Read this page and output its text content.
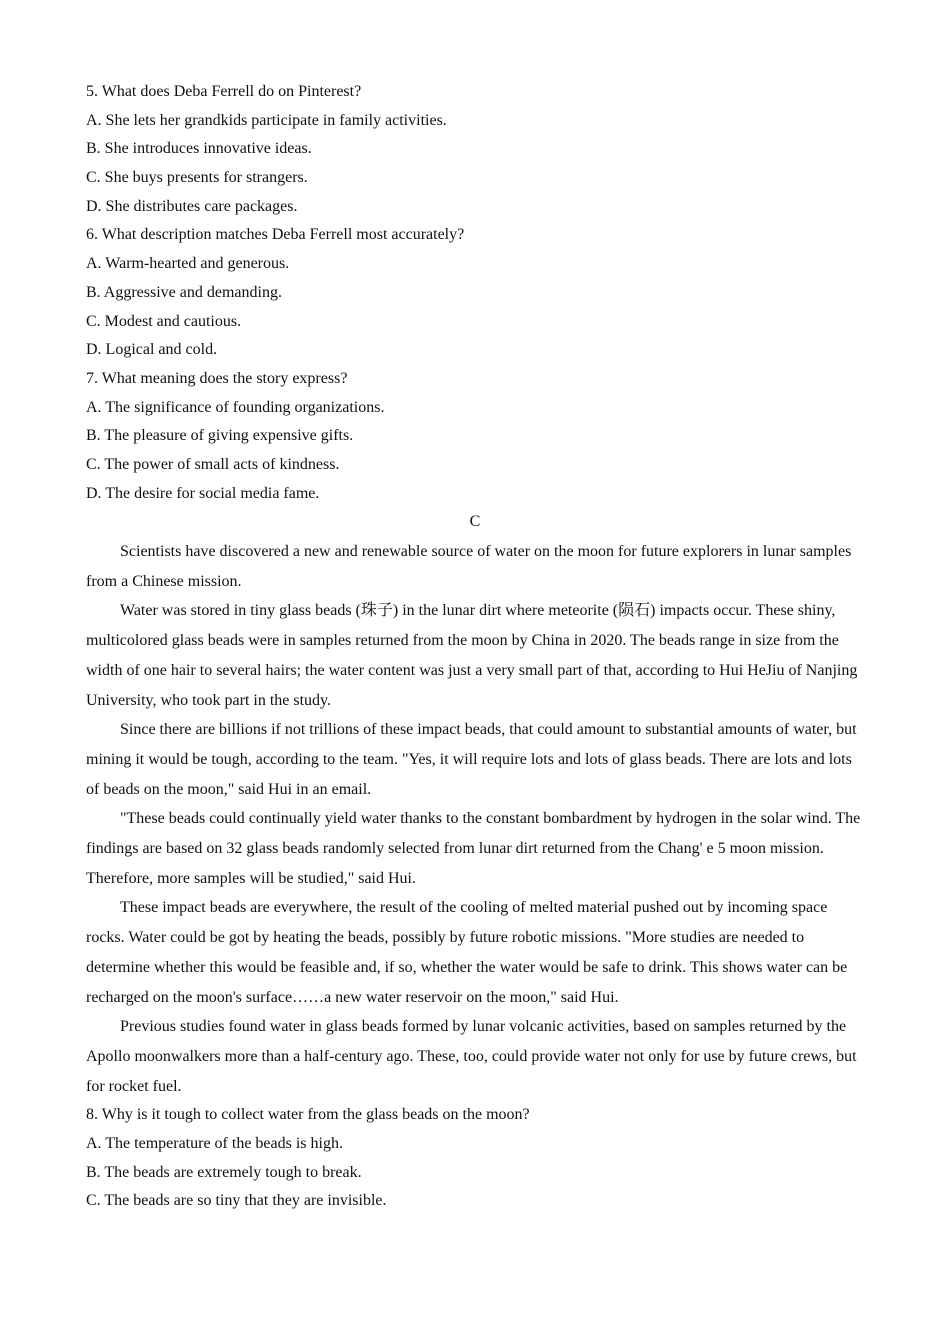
5. What does Deba Ferrell do on Pinterest?
A. She lets her grandkids participate in family activities.
B. She introduces innovative ideas.
C. She buys presents for strangers.
D. She distributes care packages.
6. What description matches Deba Ferrell most accurately?
A. Warm-hearted and generous.
B. Aggressive and demanding.
C. Modest and cautious.
D. Logical and cold.
7. What meaning does the story express?
A. The significance of founding organizations.
B. The pleasure of giving expensive gifts.
C. The power of small acts of kindness.
D. The desire for social media fame.
C

Scientists have discovered a new and renewable source of water on the moon for future explorers in lunar samples from a Chinese mission.

Water was stored in tiny glass beads (珠子) in the lunar dirt where meteorite (陨石) impacts occur. These shiny, multicolored glass beads were in samples returned from the moon by China in 2020. The beads range in size from the width of one hair to several hairs; the water content was just a very small part of that, according to Hui HeJiu of Nanjing University, who took part in the study.

Since there are billions if not trillions of these impact beads, that could amount to substantial amounts of water, but mining it would be tough, according to the team. "Yes, it will require lots and lots of glass beads. There are lots and lots of beads on the moon," said Hui in an email.

"These beads could continually yield water thanks to the constant bombardment by hydrogen in the solar wind. The findings are based on 32 glass beads randomly selected from lunar dirt returned from the Chang' e 5 moon mission. Therefore, more samples will be studied," said Hui.

These impact beads are everywhere, the result of the cooling of melted material pushed out by incoming space rocks. Water could be got by heating the beads, possibly by future robotic missions. "More studies are needed to determine whether this would be feasible and, if so, whether the water would be safe to drink. This shows water can be recharged on the moon's surface……a new water reservoir on the moon," said Hui.

Previous studies found water in glass beads formed by lunar volcanic activities, based on samples returned by the Apollo moonwalkers more than a half-century ago. These, too, could provide water not only for use by future crews, but for rocket fuel.

8. Why is it tough to collect water from the glass beads on the moon?
A. The temperature of the beads is high.
B. The beads are extremely tough to break.
C. The beads are so tiny that they are invisible.
